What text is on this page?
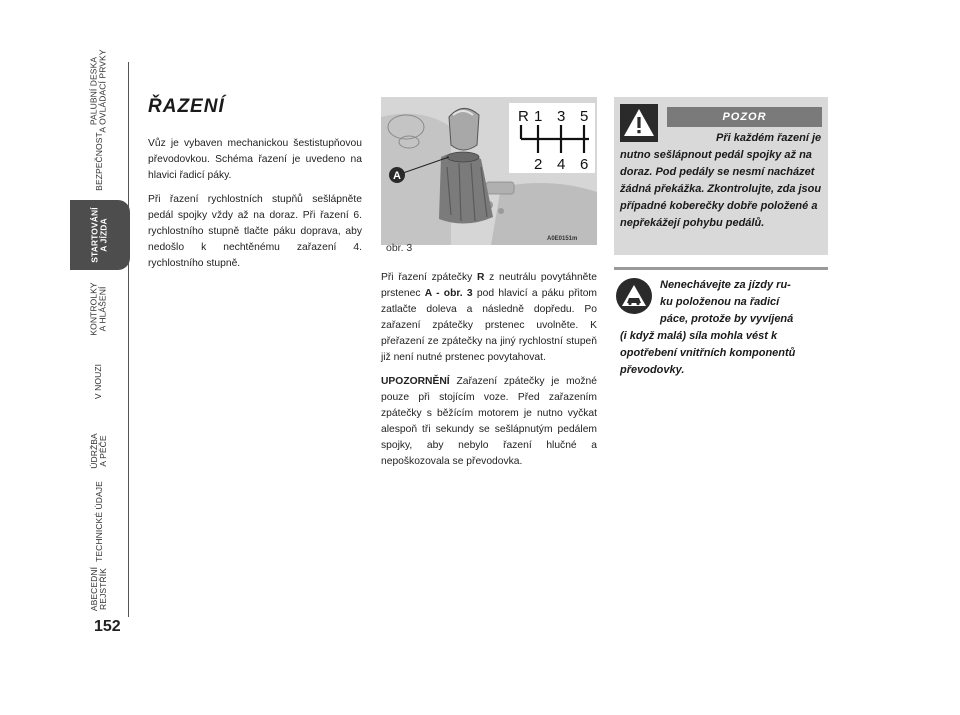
PALUBNÍ DESKA
A OVLÁDACÍ PRVKY
BEZPEČNOST
STARTOVÁNÍ
A JÍZDA
KONTROLKY
A HLÁŠENÍ
V NOUZI
ÚDRŽBA
A PÉČE
TECHNICKÉ ÚDAJE
ABECEDNÍ
REJSTŘÍK
152
ŘAZENÍ

Vůz je vybaven mechanickou šestistupňovou převodovkou. Schéma řazení je uvedeno na hlavici řadicí páky.

Při řazení rychlostních stupňů sešlápněte pedál spojky vždy až na doraz. Při řazení 6. rychlostního stupně tlačte páku doprava, aby nedošlo k nechtěnému zařazení 4. rychlostního stupně.

A
R 1 3 5
2 4 6
A0E0151m
obr. 3

Při řazení zpátečky R z neutrálu povytáhněte prstenec A - obr. 3 pod hlavicí a páku přitom zatlačte doleva a následně dopředu. Po zařazení zpátečky prstenec uvolněte. K přeřazení ze zpátečky na jiný rychlostní stupeň již není nutné prstenec povytahovat.

UPOZORNĚNÍ Zařazení zpátečky je možné pouze při stojícím voze. Před zařazením zpátečky s běžícím motorem je nutno vyčkat alespoň tři sekundy se sešlápnutým pedálem spojky, aby nebylo řazení hlučné a nepoškozovala se převodovka.

POZOR
Při každém řazení je
nutno sešlápnout pedál spojky až na doraz. Pod pedály se nesmí nacházet žádná překážka. Zkontrolujte, zda jsou případné koberečky dobře položené a nepřekážejí pohybu pedálů.
Nenechávejte za jízdy ru-
ku položenou na řadicí
páce, protože by vyvíjená
(i když malá) síla mohla vést k opotřebení vnitřních komponentů převodovky.
